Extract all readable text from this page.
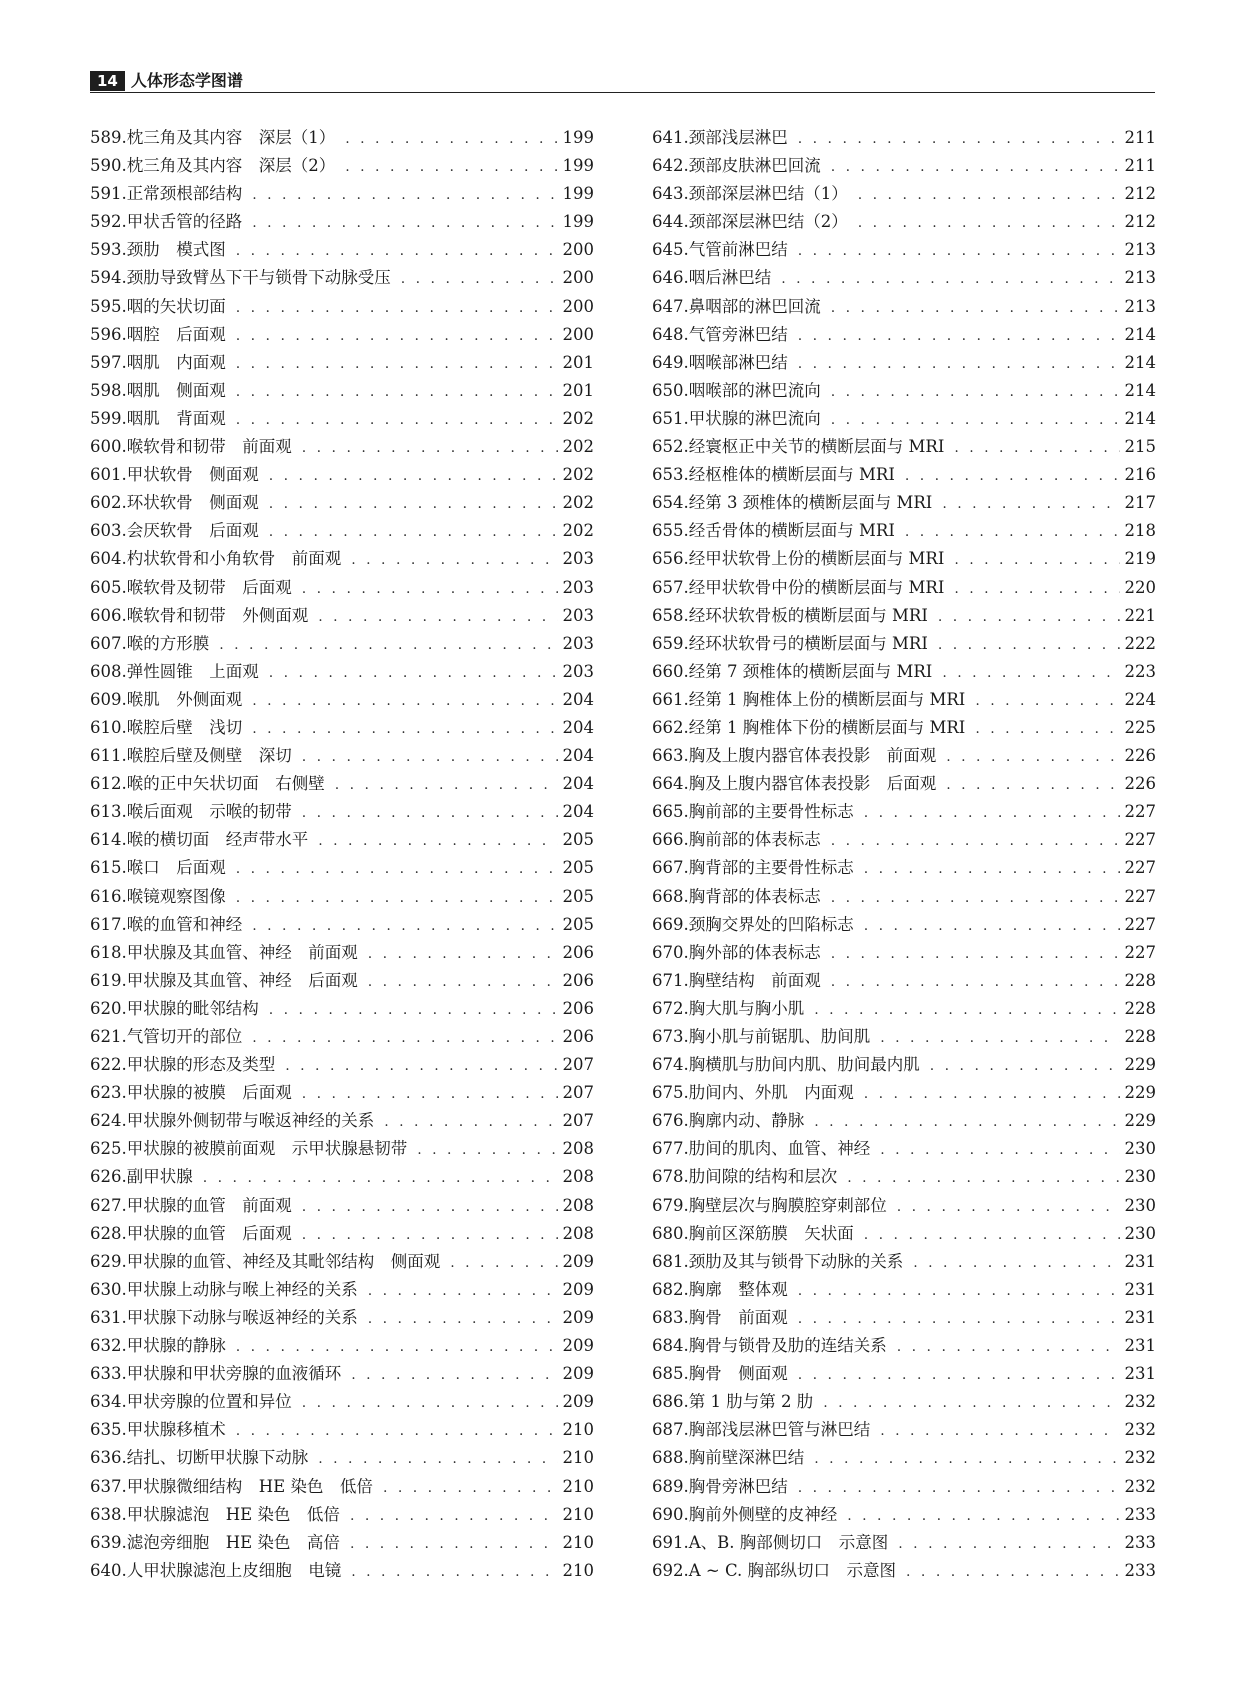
14 人体形态学图谱
589. 枕三角及其内容　深层（1） . . .	199
590. 枕三角及其内容　深层（2） . . .	199
591. 正常颈根部结构 . . .	199
592. 甲状舌管的径路 . . .	199
593. 颈肋　模式图 . . .	200
594. 颈肋导致臂丛下干与锁骨下动脉受压 . . .	200
595. 咽的矢状切面 . . .	200
596. 咽腔　后面观 . . .	200
597. 咽肌　内面观 . . .	201
598. 咽肌　侧面观 . . .	201
599. 咽肌　背面观 . . .	202
600. 喉软骨和韧带　前面观 . . .	202
601. 甲状软骨　侧面观 . . .	202
602. 环状软骨　侧面观 . . .	202
603. 会厌软骨　后面观 . . .	202
604. 杓状软骨和小角软骨　前面观 . . .	203
605. 喉软骨及韧带　后面观 . . .	203
606. 喉软骨和韧带　外侧面观 . . .	203
607. 喉的方形膜 . . .	203
608. 弹性圆锥　上面观 . . .	203
609. 喉肌　外侧面观 . . .	204
610. 喉腔后壁　浅切 . . .	204
611. 喉腔后壁及侧壁　深切 . . .	204
612. 喉的正中矢状切面　右侧壁 . . .	204
613. 喉后面观　示喉的韧带 . . .	204
614. 喉的横切面　经声带水平 . . .	205
615. 喉口　后面观 . . .	205
616. 喉镜观察图像 . . .	205
617. 喉的血管和神经 . . .	205
618. 甲状腺及其血管、神经　前面观 . . .	206
619. 甲状腺及其血管、神经　后面观 . . .	206
620. 甲状腺的毗邻结构 . . .	206
621. 气管切开的部位 . . .	206
622. 甲状腺的形态及类型 . . .	207
623. 甲状腺的被膜　后面观 . . .	207
624. 甲状腺外侧韧带与喉返神经的关系 . . .	207
625. 甲状腺的被膜前面观　示甲状腺悬韧带 . . .	208
626. 副甲状腺 . . .	208
627. 甲状腺的血管　前面观 . . .	208
628. 甲状腺的血管　后面观 . . .	208
629. 甲状腺的血管、神经及其毗邻结构　侧面观 . . .	209
630. 甲状腺上动脉与喉上神经的关系 . . .	209
631. 甲状腺下动脉与喉返神经的关系 . . .	209
632. 甲状腺的静脉 . . .	209
633. 甲状腺和甲状旁腺的血液循环 . . .	209
634. 甲状旁腺的位置和异位 . . .	209
635. 甲状腺移植术 . . .	210
636. 结扎、切断甲状腺下动脉 . . .	210
637. 甲状腺微细结构　HE 染色　低倍 . . .	210
638. 甲状腺滤泡　HE 染色　低倍 . . .	210
639. 滤泡旁细胞　HE 染色　高倍 . . .	210
640. 人甲状腺滤泡上皮细胞　电镜 . . .	210
641. 颈部浅层淋巴 . . .	211
642. 颈部皮肤淋巴回流 . . .	211
643. 颈部深层淋巴结（1） . . .	212
644. 颈部深层淋巴结（2） . . .	212
645. 气管前淋巴结 . . .	213
646. 咽后淋巴结 . . .	213
647. 鼻咽部的淋巴回流 . . .	213
648. 气管旁淋巴结 . . .	214
649. 咽喉部淋巴结 . . .	214
650. 咽喉部的淋巴流向 . . .	214
651. 甲状腺的淋巴流向 . . .	214
652. 经寰枢正中关节的横断层面与 MRI . . .	215
653. 经枢椎体的横断层面与 MRI . . .	216
654. 经第 3 颈椎体的横断层面与 MRI . . .	217
655. 经舌骨体的横断层面与 MRI . . .	218
656. 经甲状软骨上份的横断层面与 MRI . . .	219
657. 经甲状软骨中份的横断层面与 MRI . . .	220
658. 经环状软骨板的横断层面与 MRI . . .	221
659. 经环状软骨弓的横断层面与 MRI . . .	222
660. 经第 7 颈椎体的横断层面与 MRI . . .	223
661. 经第 1 胸椎体上份的横断层面与 MRI . . .	224
662. 经第 1 胸椎体下份的横断层面与 MRI . . .	225
663. 胸及上腹内器官体表投影　前面观 . . .	226
664. 胸及上腹内器官体表投影　后面观 . . .	226
665. 胸前部的主要骨性标志 . . .	227
666. 胸前部的体表标志 . . .	227
667. 胸背部的主要骨性标志 . . .	227
668. 胸背部的体表标志 . . .	227
669. 颈胸交界处的凹陷标志 . . .	227
670. 胸外部的体表标志 . . .	227
671. 胸壁结构　前面观 . . .	228
672. 胸大肌与胸小肌 . . .	228
673. 胸小肌与前锯肌、肋间肌 . . .	228
674. 胸横肌与肋间内肌、肋间最内肌 . . .	229
675. 肋间内、外肌　内面观 . . .	229
676. 胸廓内动、静脉 . . .	229
677. 肋间的肌肉、血管、神经 . . .	230
678. 肋间隙的结构和层次 . . .	230
679. 胸壁层次与胸膜腔穿刺部位 . . .	230
680. 胸前区深筋膜　矢状面 . . .	230
681. 颈肋及其与锁骨下动脉的关系 . . .	231
682. 胸廓　整体观 . . .	231
683. 胸骨　前面观 . . .	231
684. 胸骨与锁骨及肋的连结关系 . . .	231
685. 胸骨　侧面观 . . .	231
686. 第 1 肋与第 2 肋 . . .	232
687. 胸部浅层淋巴管与淋巴结 . . .	232
688. 胸前壁深淋巴结 . . .	232
689. 胸骨旁淋巴结 . . .	232
690. 胸前外侧壁的皮神经 . . .	233
691. A、B. 胸部侧切口　示意图 . . .	233
692. A ~ C. 胸部纵切口　示意图 . . .	233
